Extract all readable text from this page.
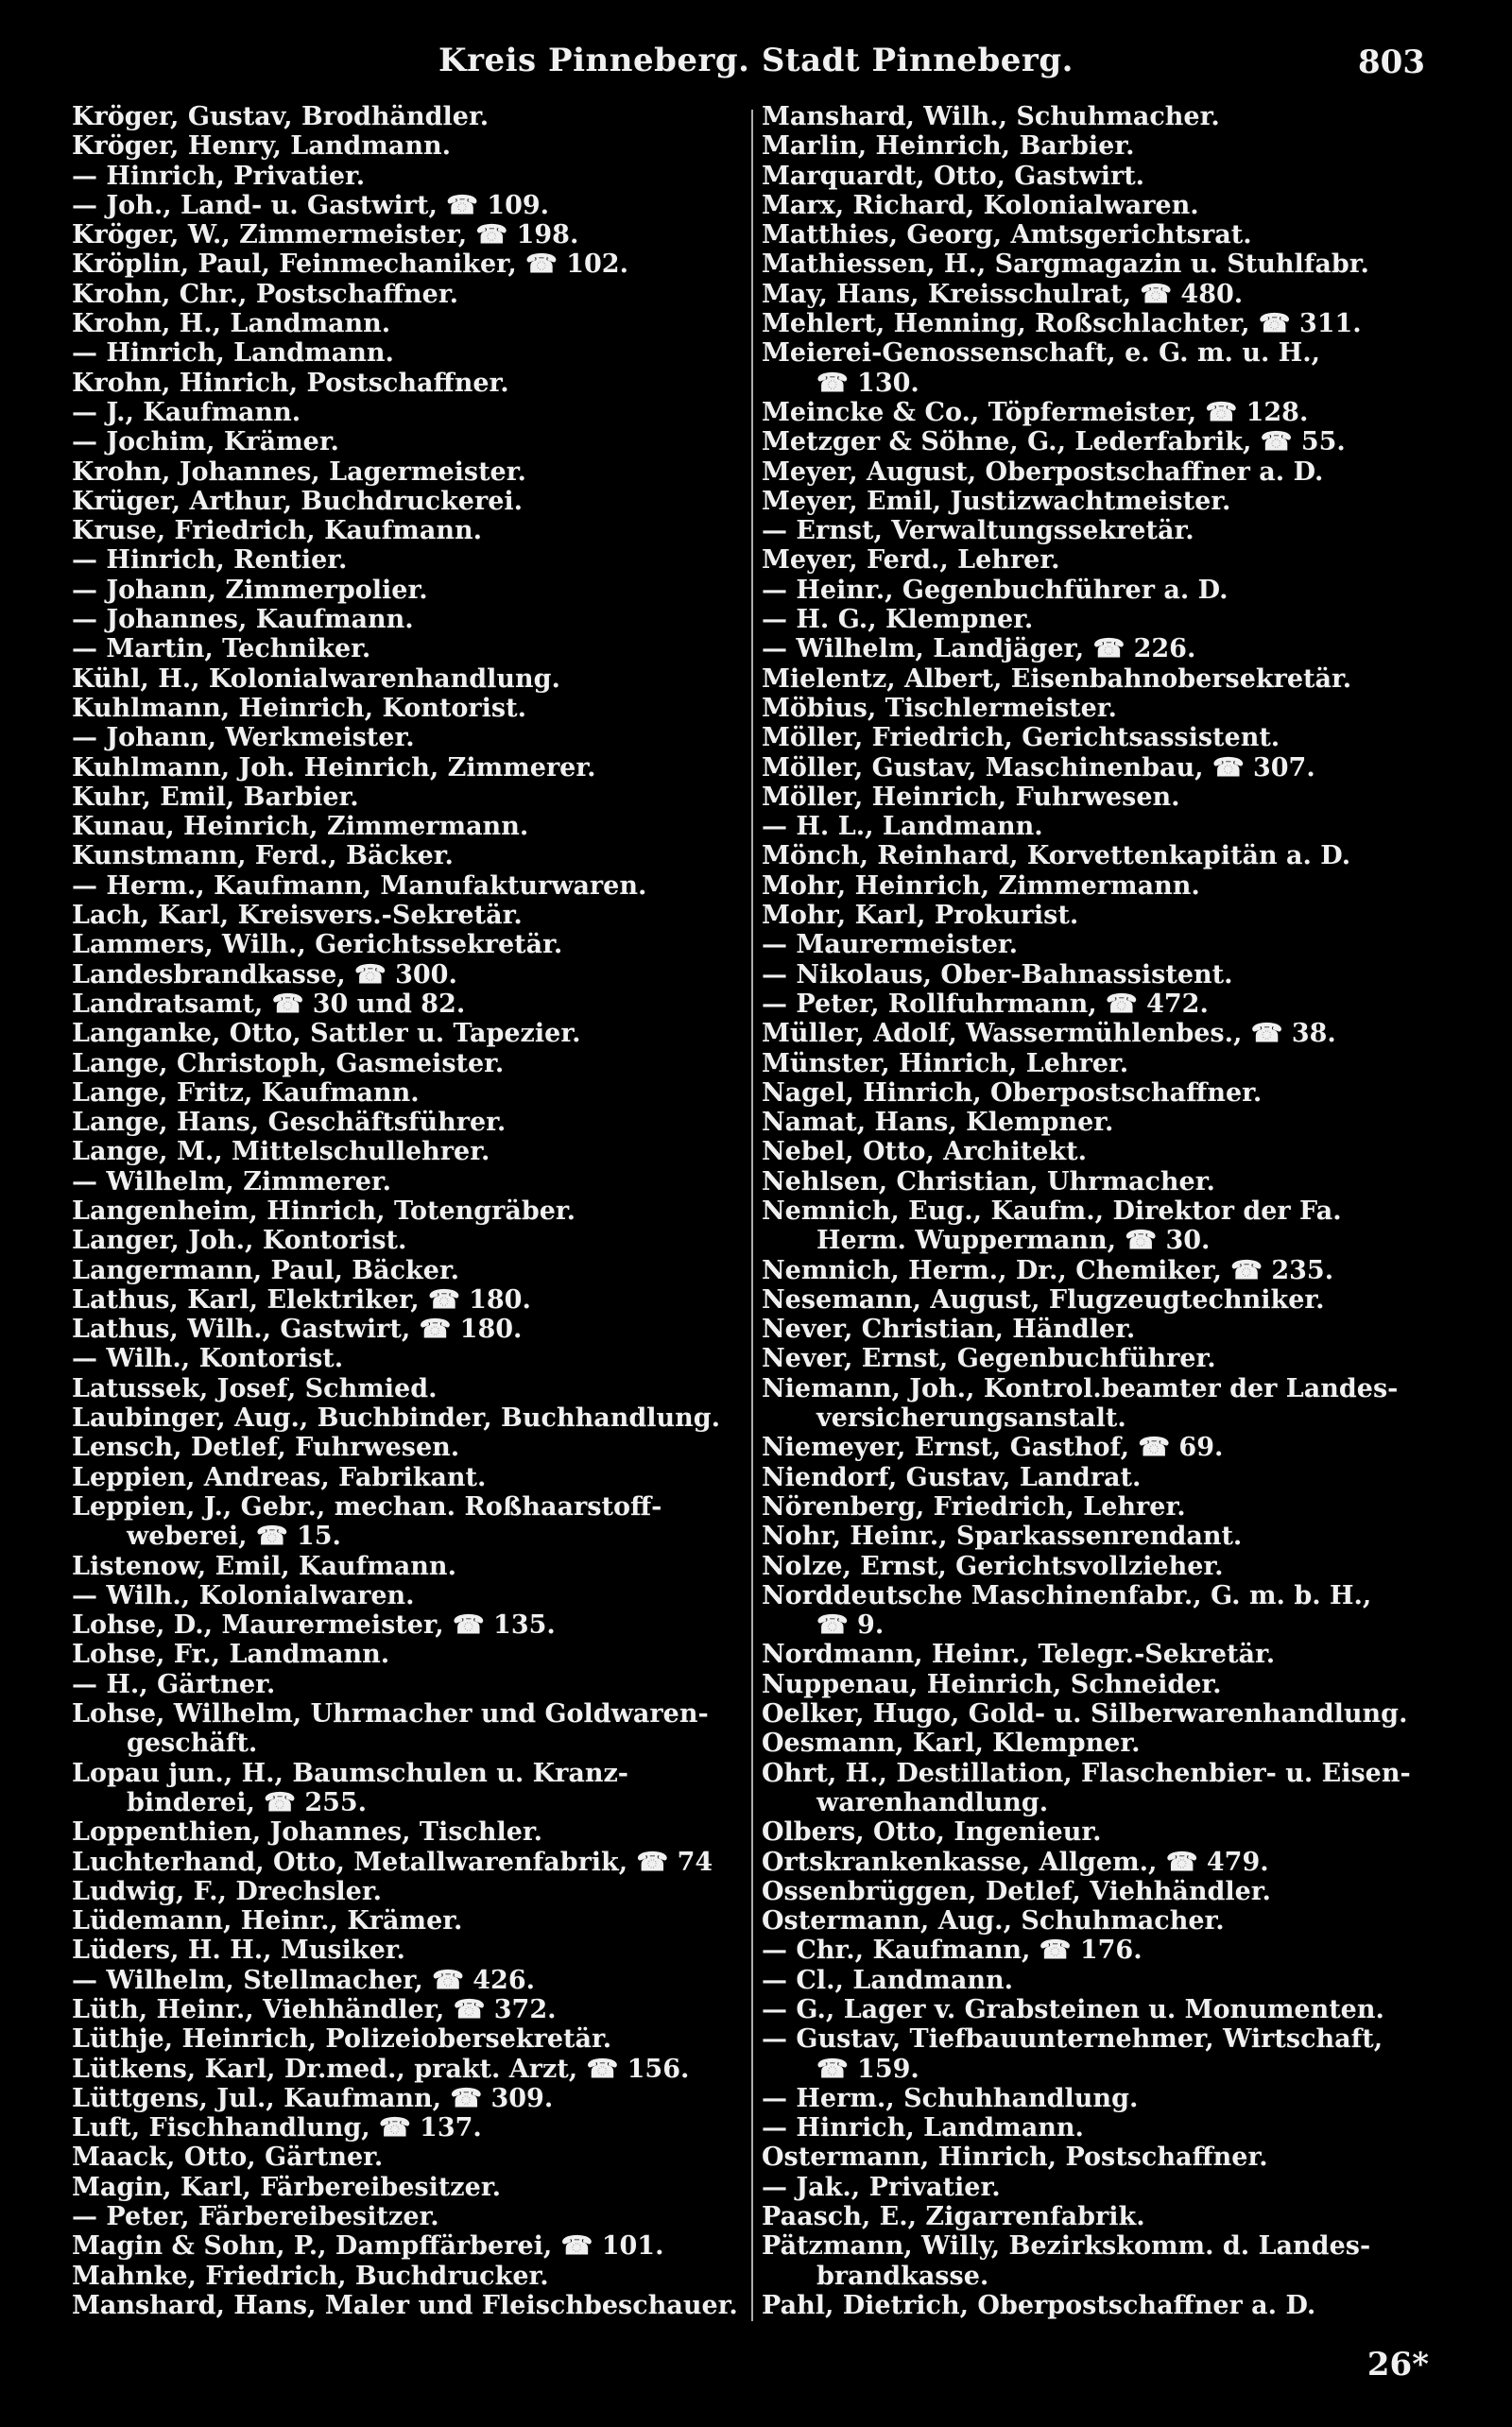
Kreis Pinneberg. Stadt Pinneberg.	803
Kröger, Gustav, Brodhändler.
Kröger, Henry, Landmann.
— Hinrich, Privatier.
— Joh., Land- u. Gastwirt, ☎ 109.
Kröger, W., Zimmermeister, ☎ 198.
Kröplin, Paul, Feinmechaniker, ☎ 102.
Krohn, Chr., Postschaffner.
Krohn, H., Landmann.
— Hinrich, Landmann.
Krohn, Hinrich, Postschaffner.
— J., Kaufmann.
— Jochim, Krämer.
Krohn, Johannes, Lagermeister.
Krüger, Arthur, Buchdruckerei.
Kruse, Friedrich, Kaufmann.
— Hinrich, Rentier.
— Johann, Zimmerpolier.
— Johannes, Kaufmann.
— Martin, Techniker.
Kühl, H., Kolonialwarenhandlung.
Kuhlmann, Heinrich, Kontorist.
— Johann, Werkmeister.
Kuhlmann, Joh. Heinrich, Zimmerer.
Kuhr, Emil, Barbier.
Kunau, Heinrich, Zimmermann.
Kunstmann, Ferd., Bäcker.
— Herm., Kaufmann, Manufakturwaren.
Lach, Karl, Kreisvers.-Sekretär.
Lammers, Wilh., Gerichtssekretär.
Landesbrandkasse, ☎ 300.
Landratsamt, ☎ 30 und 82.
Langanke, Otto, Sattler u. Tapezier.
Lange, Christoph, Gasmeister.
Lange, Fritz, Kaufmann.
Lange, Hans, Geschäftsführer.
Lange, M., Mittelschullehrer.
— Wilhelm, Zimmerer.
Langenheim, Hinrich, Totengräber.
Langer, Joh., Kontorist.
Langermann, Paul, Bäcker.
Lathus, Karl, Elektriker, ☎ 180.
Lathus, Wilh., Gastwirt, ☎ 180.
— Wilh., Kontorist.
Latussek, Josef, Schmied.
Laubinger, Aug., Buchbinder, Buchhandlung.
Lensch, Detlef, Fuhrwesen.
Leppien, Andreas, Fabrikant.
Leppien, J., Gebr., mechan. Roßhaarstoff-
weberei, ☎ 15.
Listenow, Emil, Kaufmann.
— Wilh., Kolonialwaren.
Lohse, D., Maurermeister, ☎ 135.
Lohse, Fr., Landmann.
— H., Gärtner.
Lohse, Wilhelm, Uhrmacher und Goldwaren-
geschäft.
Lopau jun., H., Baumschulen u. Kranz-
binderei, ☎ 255.
Loppenthien, Johannes, Tischler.
Luchterhand, Otto, Metallwarenfabrik, ☎ 74
Ludwig, F., Drechsler.
Lüdemann, Heinr., Krämer.
Lüders, H. H., Musiker.
— Wilhelm, Stellmacher, ☎ 426.
Lüth, Heinr., Viehhändler, ☎ 372.
Lüthje, Heinrich, Polizeiobersekretär.
Lütkens, Karl, Dr.med., prakt. Arzt, ☎ 156.
Lüttgens, Jul., Kaufmann, ☎ 309.
Luft, Fischhandlung, ☎ 137.
Maack, Otto, Gärtner.
Magin, Karl, Färbereibesitzer.
— Peter, Färbereibesitzer.
Magin & Sohn, P., Dampffärberei, ☎ 101.
Mahnke, Friedrich, Buchdrucker.
Manshard, Hans, Maler und Fleischbeschauer.
Manshard, Wilh., Schuhmacher.
Marlin, Heinrich, Barbier.
Marquardt, Otto, Gastwirt.
Marx, Richard, Kolonialwaren.
Matthies, Georg, Amtsgerichtsrat.
Mathiessen, H., Sargmagazin u. Stuhlfabr.
May, Hans, Kreisschulrat, ☎ 480.
Mehlert, Henning, Roßschlachter, ☎ 311.
Meierei-Genossenschaft, e. G. m. u. H.,
☎ 130.
Meincke & Co., Töpfermeister, ☎ 128.
Metzger & Söhne, G., Lederfabrik, ☎ 55.
Meyer, August, Oberpostschaffner a. D.
Meyer, Emil, Justizwachtmeister.
— Ernst, Verwaltungssekretär.
Meyer, Ferd., Lehrer.
— Heinr., Gegenbuchführer a. D.
— H. G., Klempner.
— Wilhelm, Landjäger, ☎ 226.
Mielentz, Albert, Eisenbahnobersekretär.
Möbius, Tischlermeister.
Möller, Friedrich, Gerichtsassistent.
Möller, Gustav, Maschinenbau, ☎ 307.
Möller, Heinrich, Fuhrwesen.
— H. L., Landmann.
Mönch, Reinhard, Korvettenkapitän a. D.
Mohr, Heinrich, Zimmermann.
Mohr, Karl, Prokurist.
— Maurermeister.
— Nikolaus, Ober-Bahnassistent.
— Peter, Rollfuhrmann, ☎ 472.
Müller, Adolf, Wassermühlenbes., ☎ 38.
Münster, Hinrich, Lehrer.
Nagel, Hinrich, Oberpostschaffner.
Namat, Hans, Klempner.
Nebel, Otto, Architekt.
Nehlsen, Christian, Uhrmacher.
Nemnich, Eug., Kaufm., Direktor der Fa.
Herm. Wuppermann, ☎ 30.
Nemnich, Herm., Dr., Chemiker, ☎ 235.
Nesemann, August, Flugzeugtechniker.
Never, Christian, Händler.
Never, Ernst, Gegenbuchführer.
Niemann, Joh., Kontrol.beamter der Landes-
versicherungsanstalt.
Niemeyer, Ernst, Gasthof, ☎ 69.
Niendorf, Gustav, Landrat.
Nörenberg, Friedrich, Lehrer.
Nohr, Heinr., Sparkassenrendant.
Nolze, Ernst, Gerichtsvollzieher.
Norddeutsche Maschinenfabr., G. m. b. H.,
☎ 9.
Nordmann, Heinr., Telegr.-Sekretär.
Nuppenau, Heinrich, Schneider.
Oelker, Hugo, Gold- u. Silberwarenhandlung.
Oesmann, Karl, Klempner.
Ohrt, H., Destillation, Flaschenbier- u. Eisen-
warenhandlung.
Olbers, Otto, Ingenieur.
Ortskrankenkasse, Allgem., ☎ 479.
Ossenbrüggen, Detlef, Viehhändler.
Ostermann, Aug., Schuhmacher.
— Chr., Kaufmann, ☎ 176.
— Cl., Landmann.
— G., Lager v. Grabsteinen u. Monumenten.
— Gustav, Tiefbauunternehmer, Wirtschaft,
☎ 159.
— Herm., Schuhhandlung.
— Hinrich, Landmann.
Ostermann, Hinrich, Postschaffner.
— Jak., Privatier.
Paasch, E., Zigarrenfabrik.
Pätzmann, Willy, Bezirkskomm. d. Landes-
brandkasse.
Pahl, Dietrich, Oberpostschaffner a. D.
26*
